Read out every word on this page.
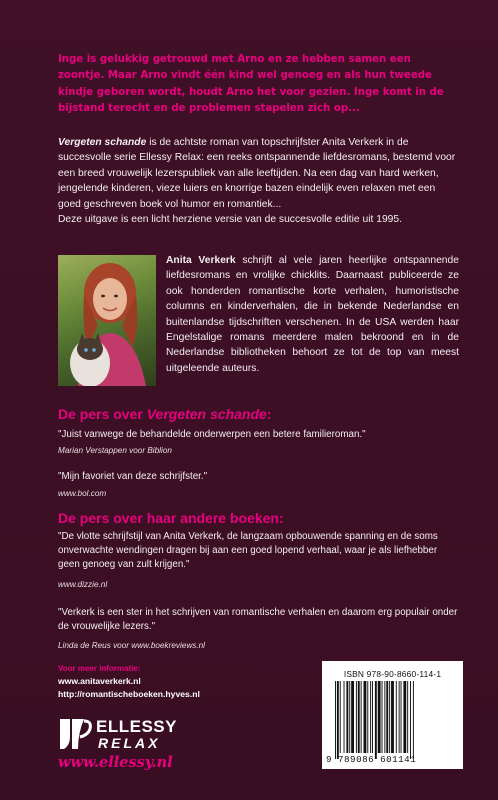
Inge is gelukkig getrouwd met Arno en ze hebben samen een zoontje. Maar Arno vindt één kind wel genoeg en als hun tweede kindje geboren wordt, houdt Arno het voor gezien. Inge komt in de bijstand terecht en de problemen stapelen zich op...

Vergeten schande is de achtste roman van topschrijfster Anita Verkerk in de succesvolle serie Ellessy Relax: een reeks ontspannende liefdesromans, bestemd voor een breed vrouwelijk lezerspubliek van alle leeftijden. Na een dag van hard werken, jengelende kinderen, vieze luiers en knorrige bazen eindelijk even relaxen met een goed geschreven boek vol humor en romantiek...

Deze uitgave is een licht herziene versie van de succesvolle editie uit 1995.

Anita Verkerk schrijft al vele jaren heerlijke ontspannende liefdesromans en vrolijke chicklits. Daarnaast publiceerde ze ook honderden romantische korte verhalen, humoristische columns en kinderverhalen, die in bekende Nederlandse en buitenlandse tijdschriften verschenen. In de USA werden haar Engelstalige romans meerdere malen bekroond en in de Nederlandse bibliotheken behoort ze tot de top van meest uitgeleende auteurs.
De pers over Vergeten schande:
"Juist vanwege de behandelde onderwerpen een betere familieroman."
Marian Verstappen voor Biblion
"Mijn favoriet van deze schrijfster."
www.bol.com
De pers over haar andere boeken:
"De vlotte schrijfstijl van Anita Verkerk, de langzaam opbouwende spanning en de soms onverwachte wendingen dragen bij aan een goed lopend verhaal, waar je als liefhebber geen genoeg van zult krijgen."
www.dizzie.nl
"Verkerk is een ster in het schrijven van romantische verhalen en daarom erg populair onder de vrouwelijke lezers."
Linda de Reus voor www.boekreviews.nl
Voor meer informatie:
www.anitaverkerk.nl
http://romantischeboeken.hyves.nl
ELLESSY
RELAX
www.ellessy.nl
ISBN 978-90-8660-114-1
9 789086 601141
